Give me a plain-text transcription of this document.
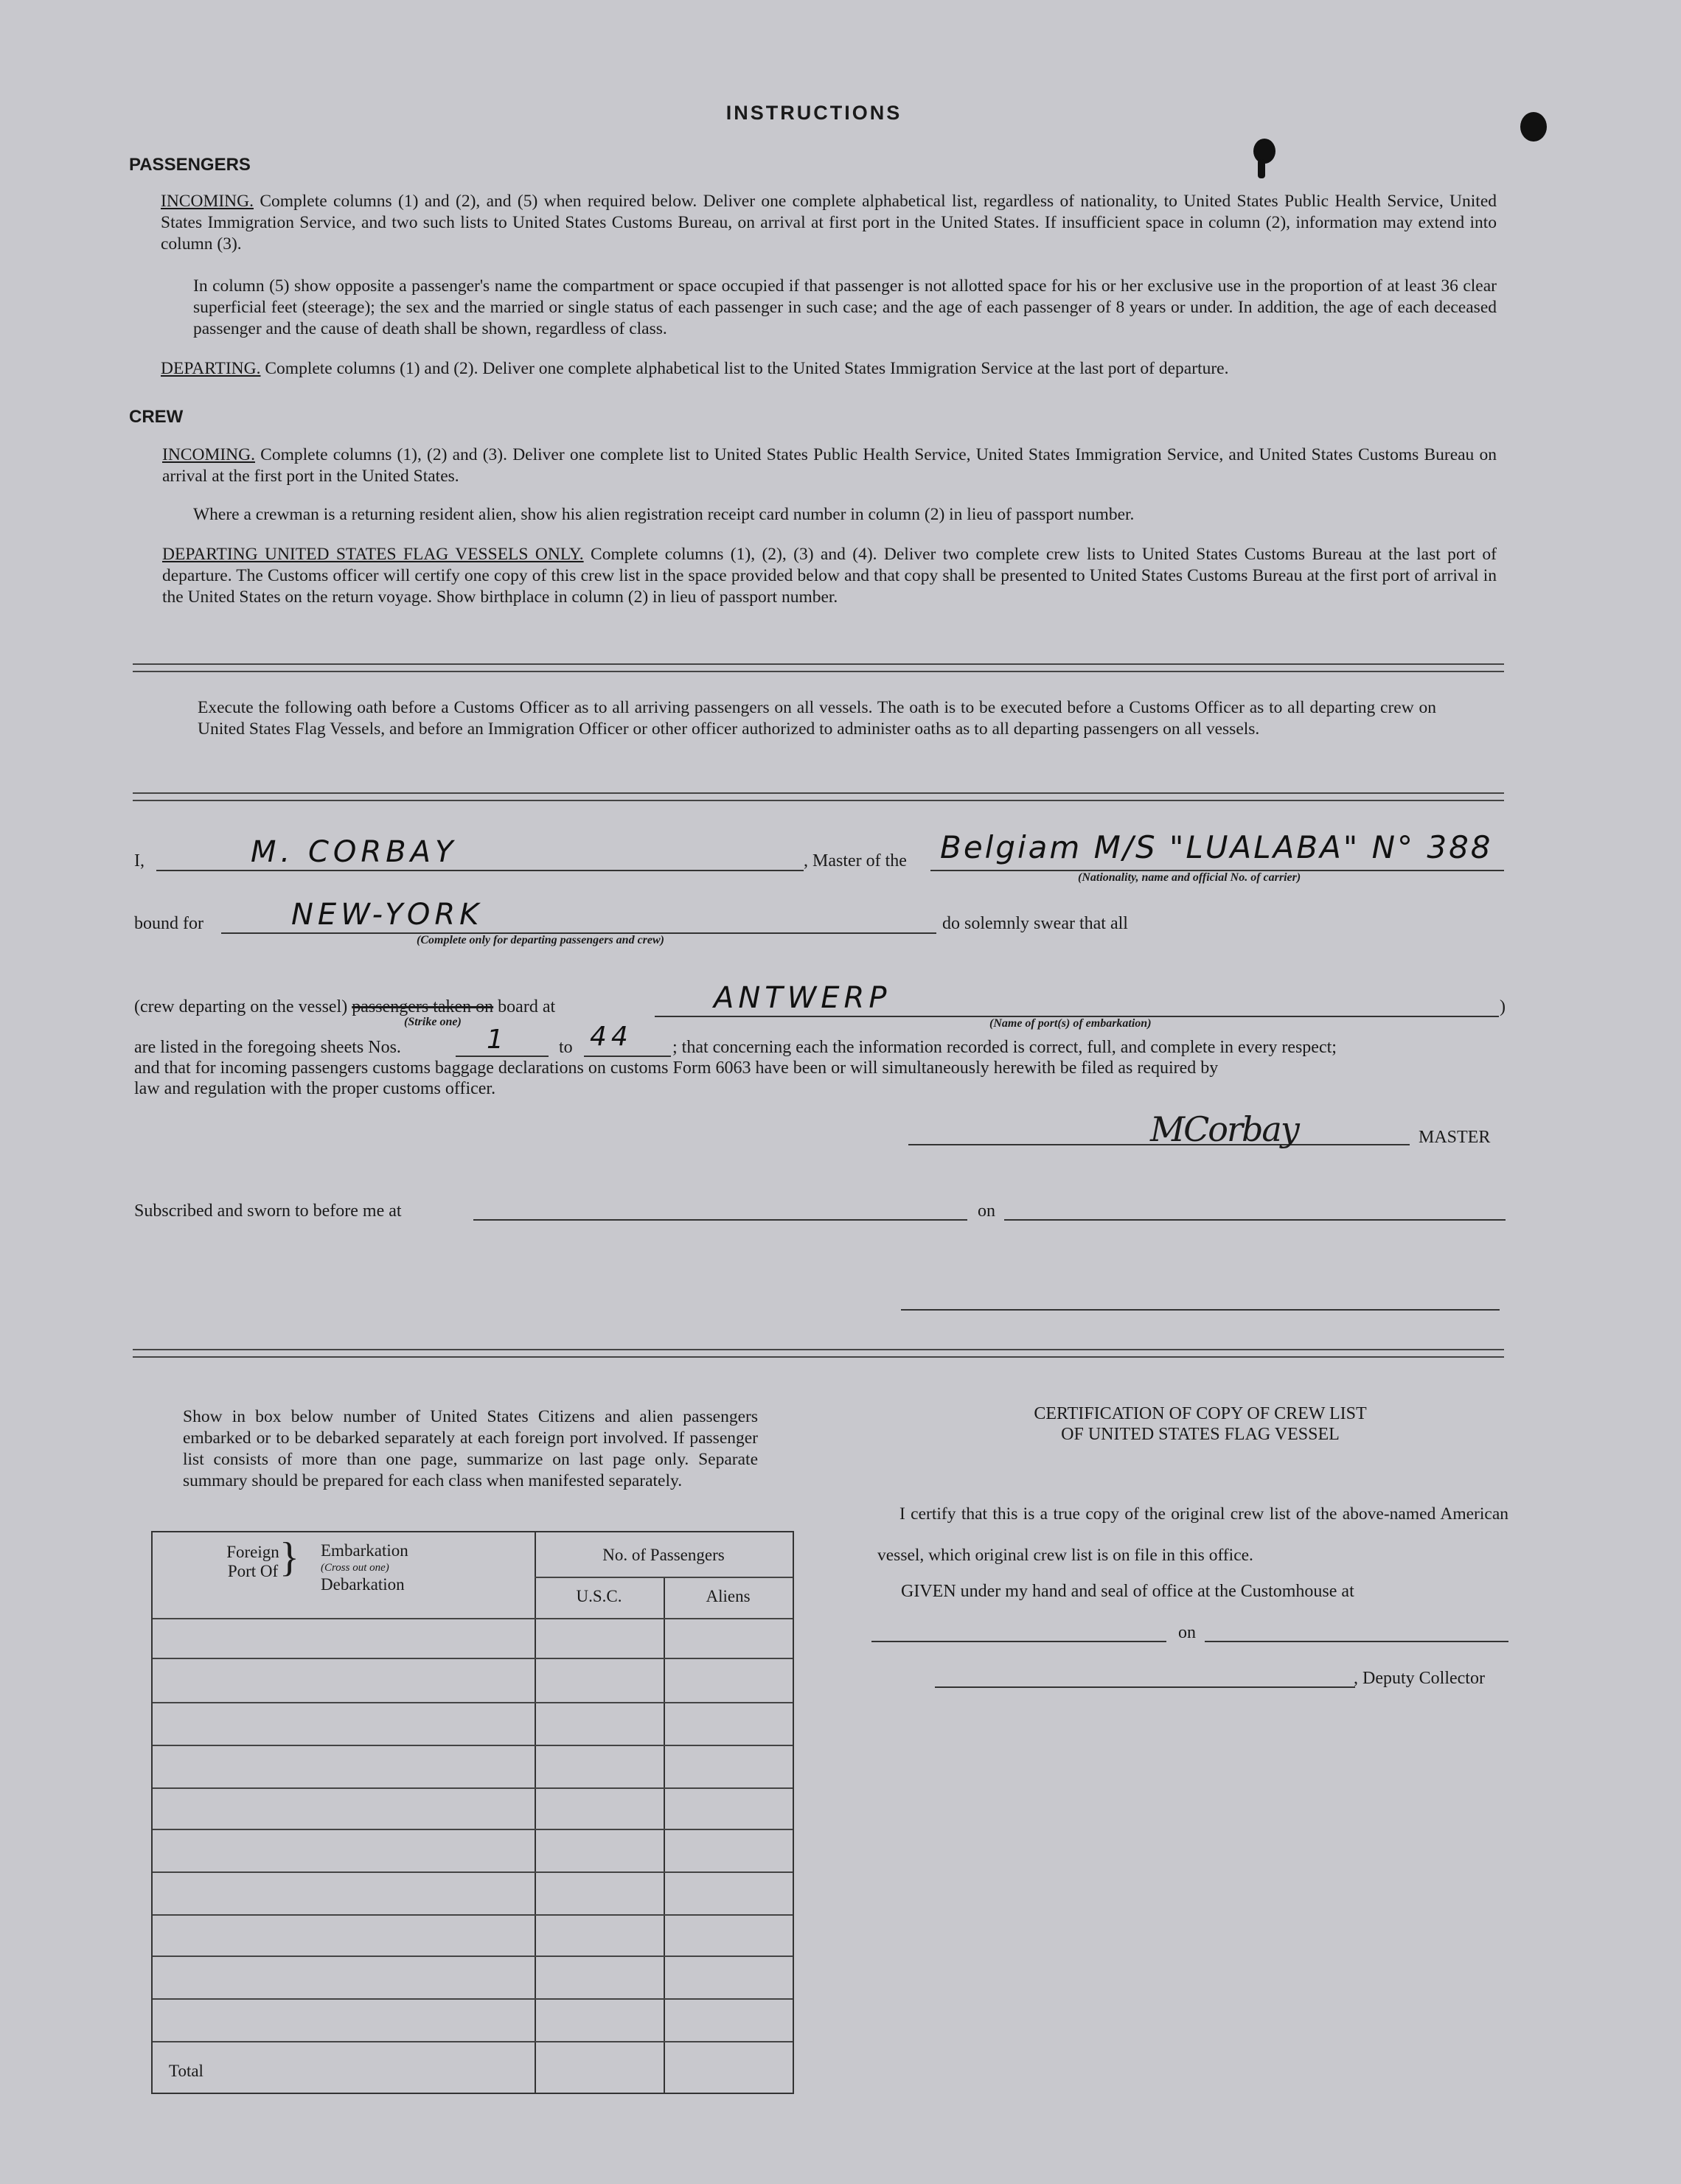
INSTRUCTIONS
PASSENGERS
INCOMING. Complete columns (1) and (2), and (5) when required below. Deliver one complete alphabetical list, regardless of nationality, to United States Public Health Service, United States Immigration Service, and two such lists to United States Customs Bureau, on arrival at first port in the United States. If insufficient space in column (2), information may extend into column (3).
In column (5) show opposite a passenger's name the compartment or space occupied if that passenger is not allotted space for his or her exclusive use in the proportion of at least 36 clear superficial feet (steerage); the sex and the married or single status of each passenger in such case; and the age of each passenger of 8 years or under. In addition, the age of each deceased passenger and the cause of death shall be shown, regardless of class.
DEPARTING. Complete columns (1) and (2). Deliver one complete alphabetical list to the United States Immigration Service at the last port of departure.
CREW
INCOMING. Complete columns (1), (2) and (3). Deliver one complete list to United States Public Health Service, United States Immigration Service, and United States Customs Bureau on arrival at the first port in the United States.
Where a crewman is a returning resident alien, show his alien registration receipt card number in column (2) in lieu of passport number.
DEPARTING UNITED STATES FLAG VESSELS ONLY. Complete columns (1), (2), (3) and (4). Deliver two complete crew lists to United States Customs Bureau at the last port of departure. The Customs officer will certify one copy of this crew list in the space provided below and that copy shall be presented to United States Customs Bureau at the first port of arrival in the United States on the return voyage. Show birthplace in column (2) in lieu of passport number.
Execute the following oath before a Customs Officer as to all arriving passengers on all vessels. The oath is to be executed before a Customs Officer as to all departing crew on United States Flag Vessels, and before an Immigration Officer or other officer authorized to administer oaths as to all departing passengers on all vessels.
I,	M. CORBAY	, Master of the Belgiam M/S "LUALABA" N° 388
(Nationality, name and official No. of carrier)
bound for	NEW-YORK
(Complete only for departing passengers and crew)
do solemnly swear that all
(crew departing on the vessel) passengers taken on board at
(Strike one)
ANTWERP
(Name of port(s) of embarkation)
)
are listed in the foregoing sheets Nos.	1	to 44 ; that concerning each the information recorded is correct, full, and complete in every respect;
and that for incoming passengers customs baggage declarations on customs Form 6063 have been or will simultaneously herewith be filed as required by
law and regulation with the proper customs officer.
MCorbay	MASTER
Subscribed and sworn to before me at	on
Show in box below number of United States Citizens and alien passengers embarked or to be debarked separately at each foreign port involved. If passenger list consists of more than one page, summarize on last page only. Separate summary should be prepared for each class when manifested separately.
Foreign Port Of } Embarkation
(Cross out one)
Debarkation
No. of Passengers
U.S.C.	Aliens
Total
CERTIFICATION OF COPY OF CREW LIST
OF UNITED STATES FLAG VESSEL
I certify that this is a true copy of the original crew list of the above-named American vessel, which original crew list is on file in this office.
GIVEN under my hand and seal of office at the Customhouse at
on
, Deputy Collector
